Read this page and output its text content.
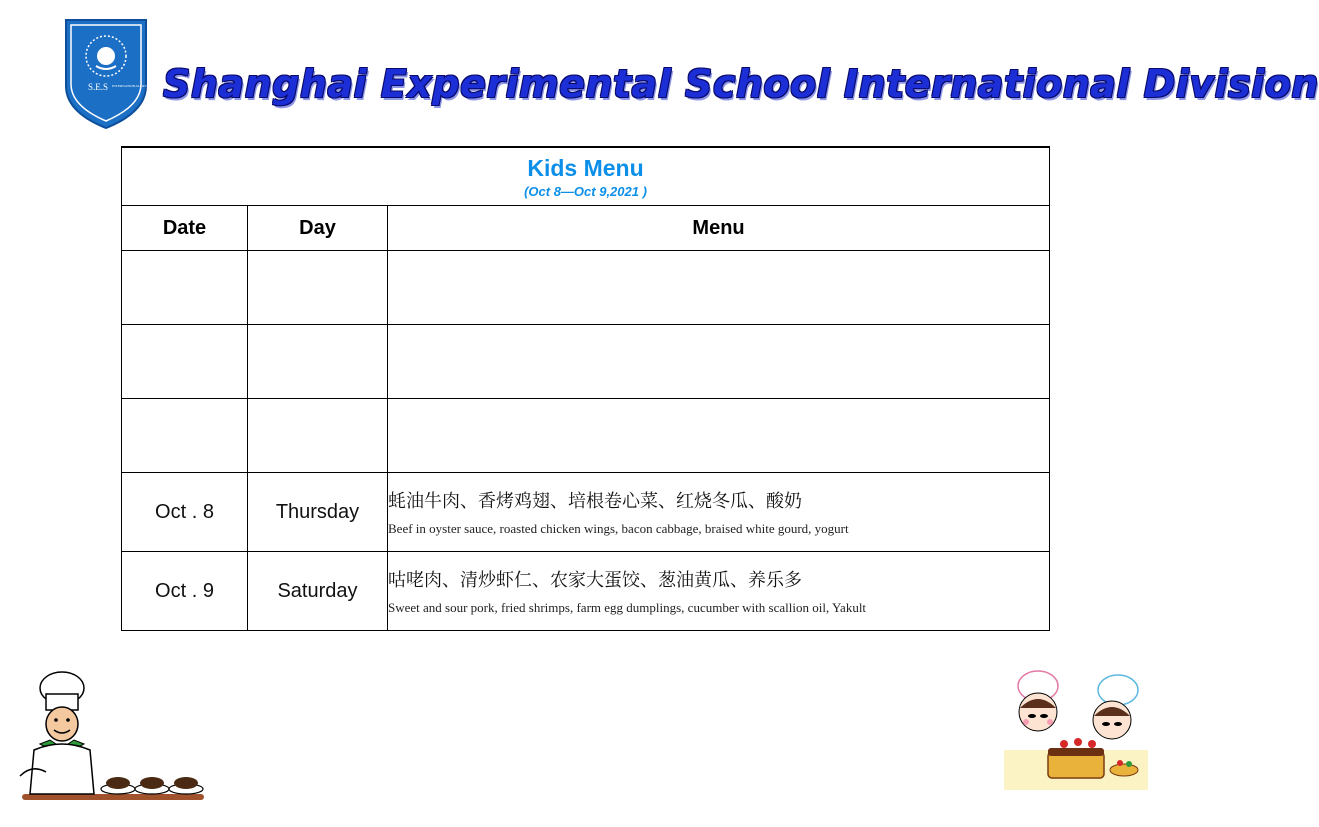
S.E.S INTERNATIONAL DIVISION Shanghai Experimental School International Division
Kids Menu
(Oct 8—Oct 9,2021 )		

Date	Day	Menu

Oct . 8	Thursday	蚝油牛肉、香烤鸡翅、培根卷心菜、红烧冬瓜、酸奶
Beef in oyster sauce, roasted chicken wings, bacon cabbage, braised white gourd, yogurt

Oct . 9	Saturday	咕咾肉、清炒虾仁、农家大蛋饺、葱油黄瓜、养乐多
Sweet and sour pork, fried shrimps, farm egg dumplings, cucumber with scallion oil, Yakult
